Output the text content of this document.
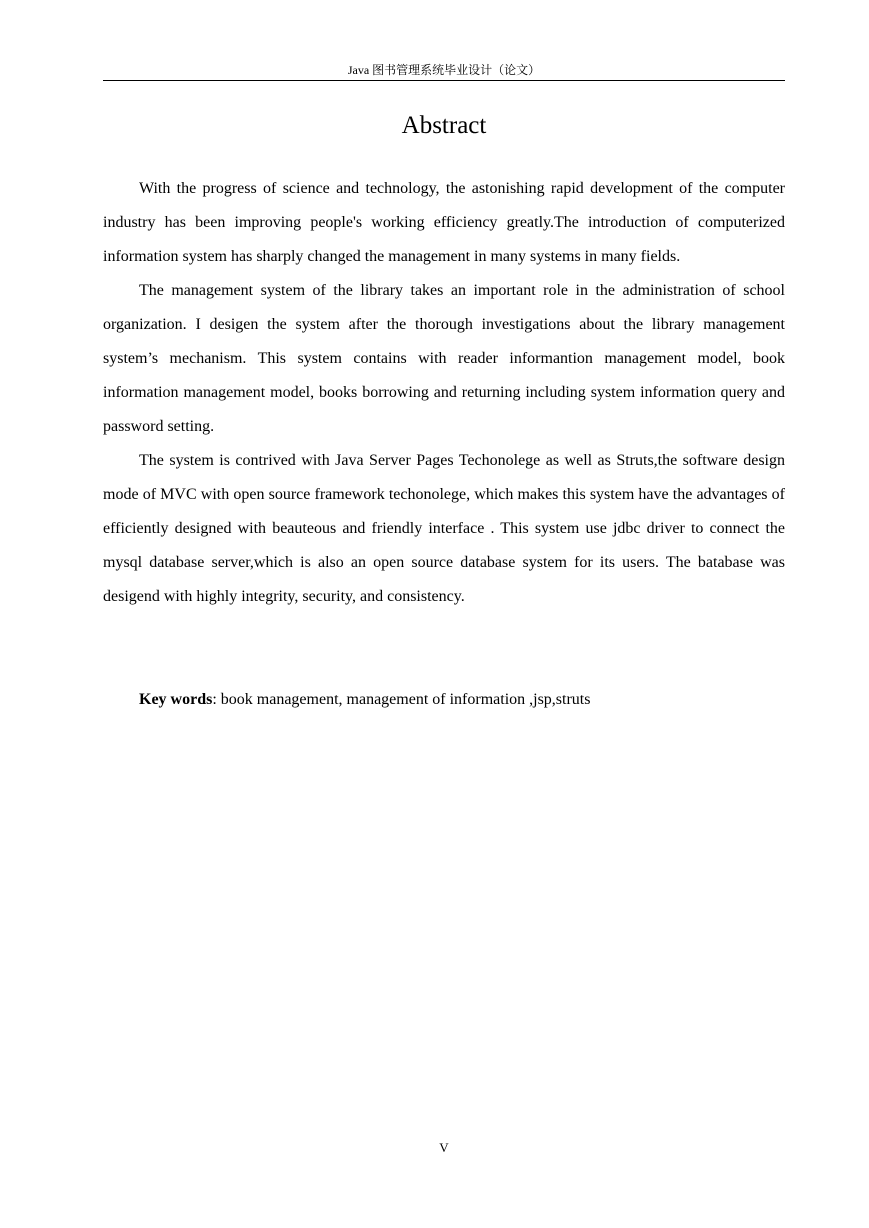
Java 图书管理系统毕业设计（论文）
Abstract

With the progress of science and technology, the astonishing rapid development of the computer industry has been improving people's working efficiency greatly.The introduction of computerized information system has sharply changed the management in many systems in many fields.

The management system of the library takes an important role in the administration of school organization. I desigen the system after the thorough investigations about the library management system’s mechanism. This system contains with reader informantion management model, book information management model, books borrowing and returning including system information query and password setting.

The system is contrived with Java Server Pages Techonolege as well as Struts,the software design mode of MVC with open source framework techonolege, which makes this system have the advantages of efficiently designed with beauteous and friendly interface . This system use jdbc driver to connect the mysql database server,which is also an open source database system for its users. The batabase was desigend with highly integrity, security, and consistency.

Key words: book management, management of information ,jsp,struts

V
